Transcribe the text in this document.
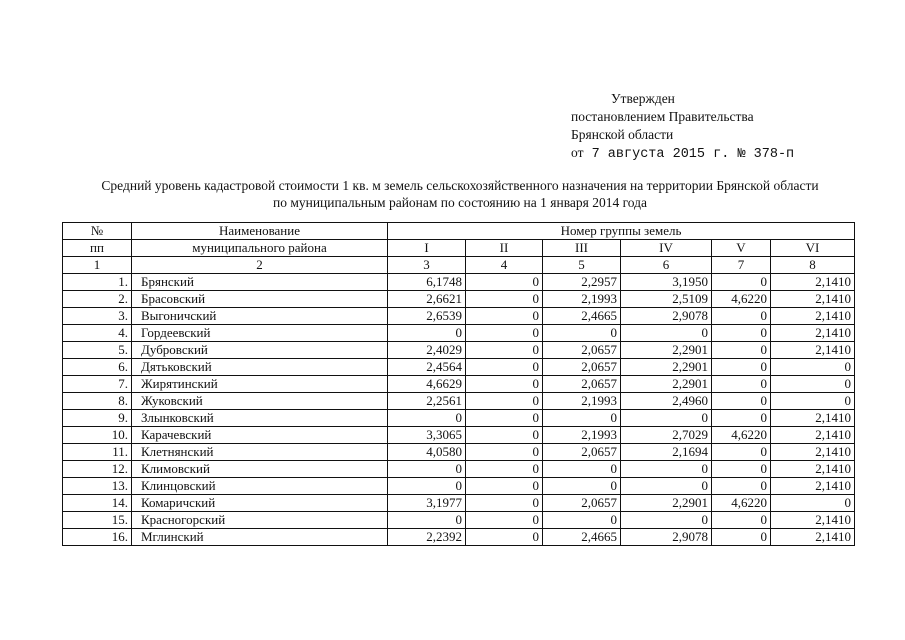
Утвержден
постановлением Правительства
Брянской области
от 7 августа 2015 г. № 378-п
Средний уровень кадастровой стоимости 1 кв. м земель сельскохозяйственного назначения на территории Брянской области
по муниципальным районам по состоянию на 1 января 2014 года
№	Наименование	Номер группы земель					
пп	муниципального района	I	II	III	IV	V	VI
1	2	3	4	5	6	7	8
1.	Брянский	6,1748	0	2,2957	3,1950	0	2,1410
2.	Брасовский	2,6621	0	2,1993	2,5109	4,6220	2,1410
3.	Выгоничский	2,6539	0	2,4665	2,9078	0	2,1410
4.	Гордеевский	0	0	0	0	0	2,1410
5.	Дубровский	2,4029	0	2,0657	2,2901	0	2,1410
6.	Дятьковский	2,4564	0	2,0657	2,2901	0	0
7.	Жирятинский	4,6629	0	2,0657	2,2901	0	0
8.	Жуковский	2,2561	0	2,1993	2,4960	0	0
9.	Злынковский	0	0	0	0	0	2,1410
10.	Карачевский	3,3065	0	2,1993	2,7029	4,6220	2,1410
11.	Клетнянский	4,0580	0	2,0657	2,1694	0	2,1410
12.	Климовский	0	0	0	0	0	2,1410
13.	Клинцовский	0	0	0	0	0	2,1410
14.	Комаричский	3,1977	0	2,0657	2,2901	4,6220	0
15.	Красногорский	0	0	0	0	0	2,1410
16.	Мглинский	2,2392	0	2,4665	2,9078	0	2,1410
